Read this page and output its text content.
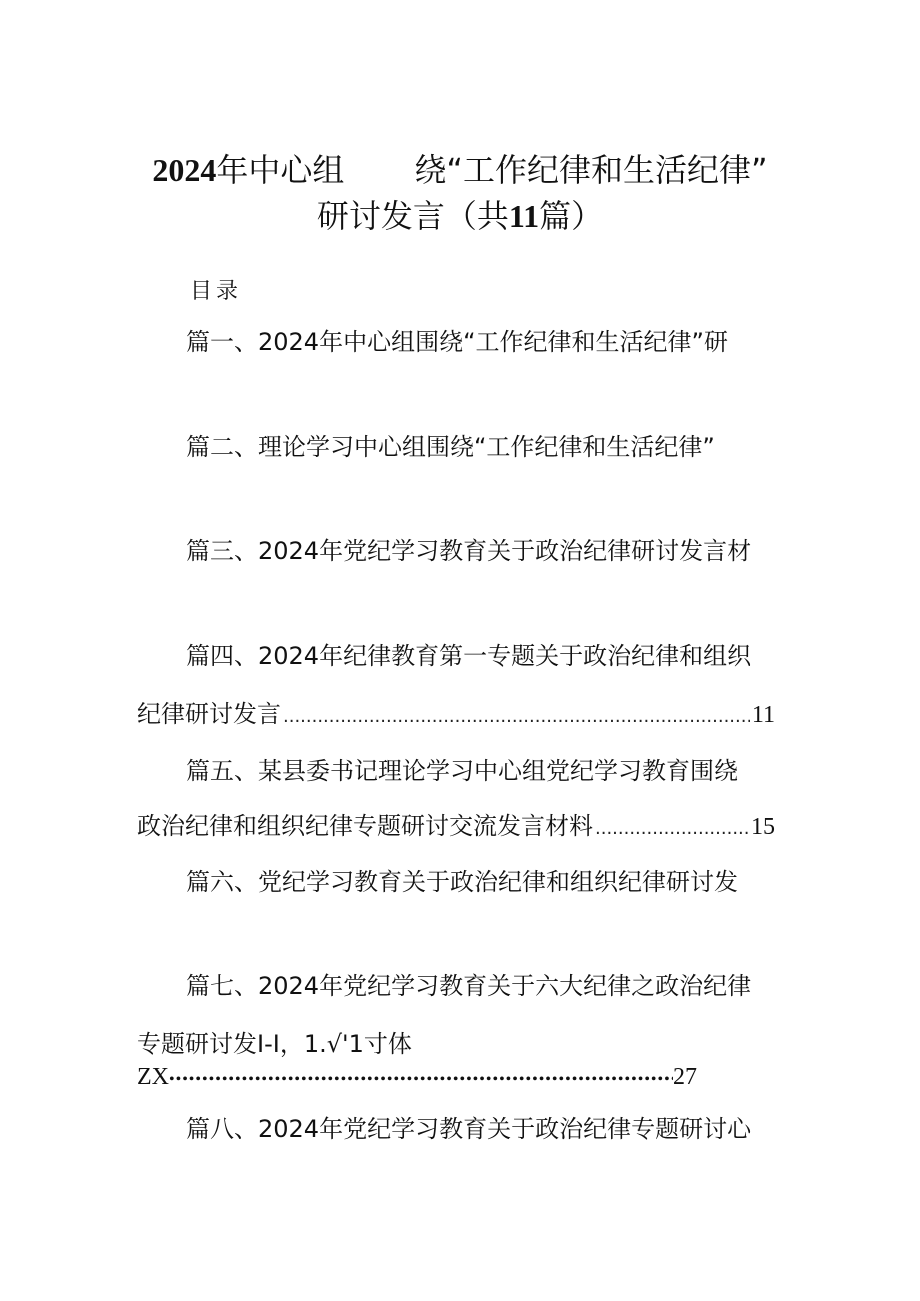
2024年中心组 绕“工作纪律和生活纪律”
研讨发言（共11篇）
目录
篇一、2024年中心组围绕“工作纪律和生活纪律”研
篇二、理论学习中心组围绕“工作纪律和生活纪律”
篇三、2024年党纪学习教育关于政治纪律研讨发言材
篇四、2024年纪律教育第一专题关于政治纪律和组织
纪律研讨发言 .....	11
篇五、某县委书记理论学习中心组党纪学习教育围绕
政治纪律和组织纪律专题研讨交流发言材料 .....	15
篇六、党纪学习教育关于政治纪律和组织纪律研讨发
篇七、2024年党纪学习教育关于六大纪律之政治纪律
专题研讨发I-I，1.√'1寸体
ZX •••••	27
篇八、2024年党纪学习教育关于政治纪律专题研讨心
